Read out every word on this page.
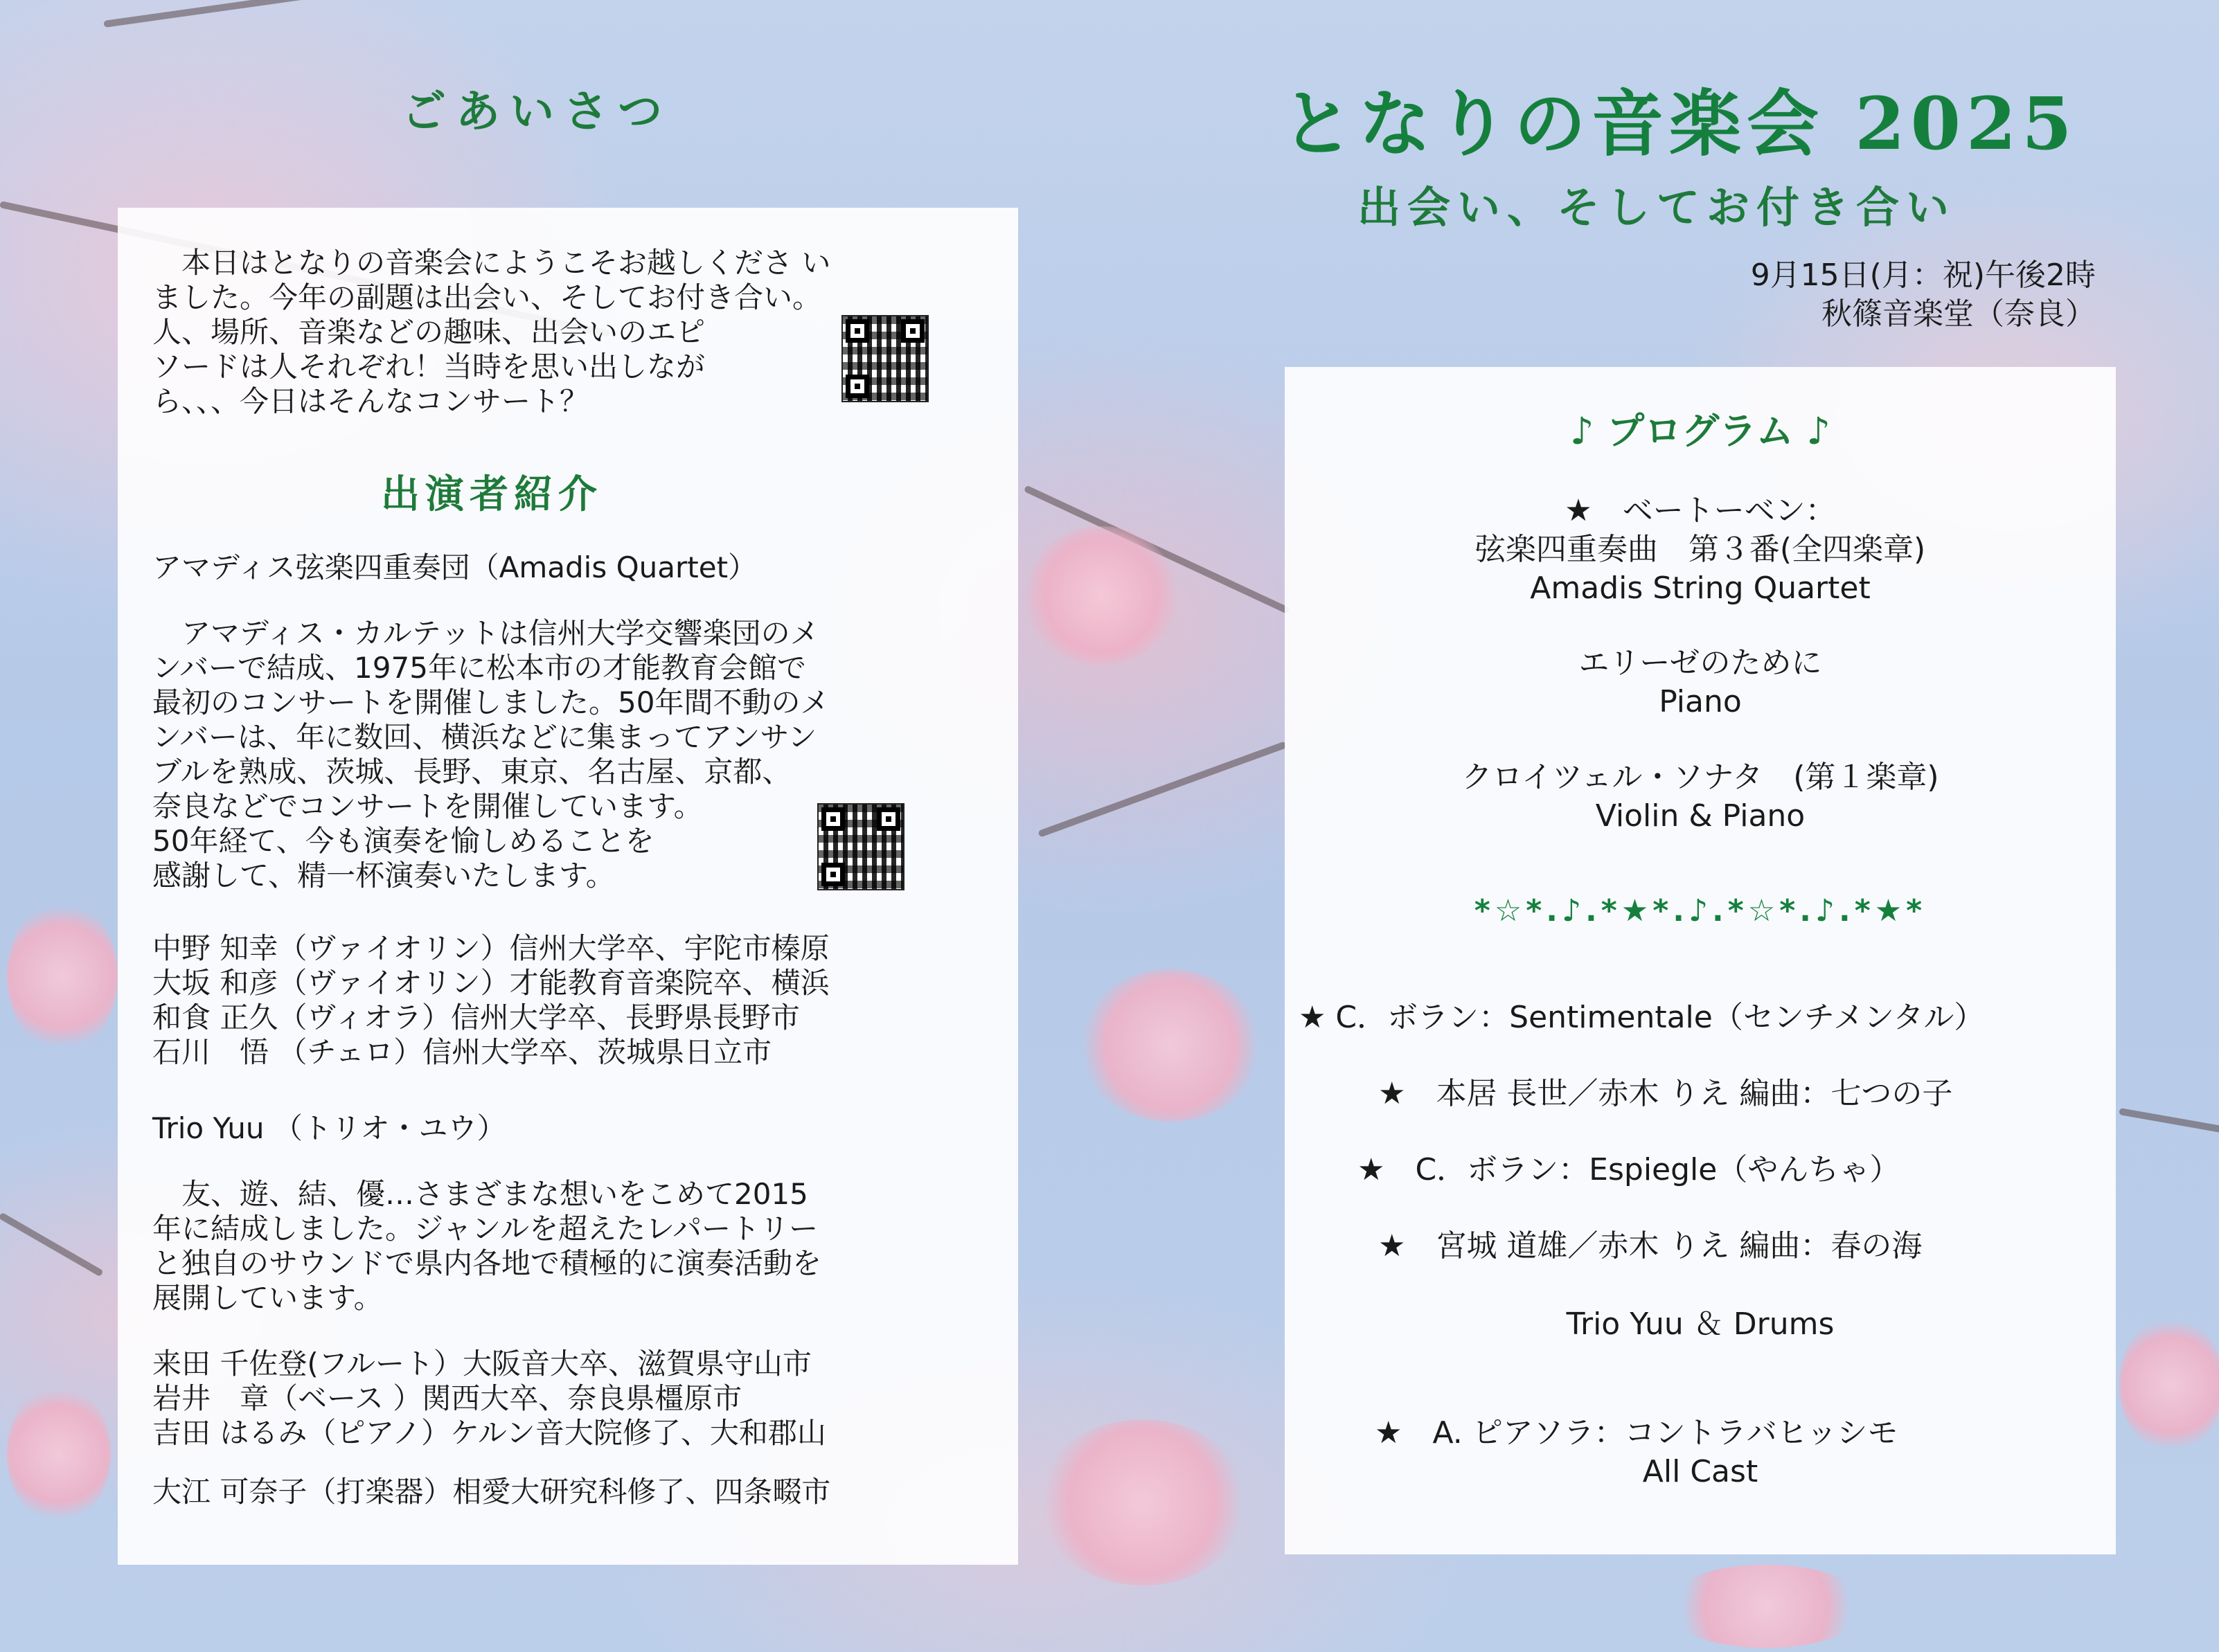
ごあいさつ	となりの音楽会 2025
出会い、そしてお付き合い
9月15日(月：祝)午後2時
秋篠音楽堂（奈良）
　本日はとなりの音楽会にようこそお越しくださ い
ました。今年の副題は出会い、そしてお付き合い。
人、場所、音楽などの趣味、出会いのエピ
ソードは人それぞれ！当時を思い出しなが
ら、、、今日はそんなコンサート？
出演者紹介
アマディス弦楽四重奏団（Amadis Quartet）
　アマディス・カルテットは信州大学交響楽団のメ
ンバーで結成、1975年に松本市の才能教育会館で
最初のコンサートを開催しました。50年間不動のメ
ンバーは、年に数回、横浜などに集まってアンサン
ブルを熟成、茨城、長野、東京、名古屋、京都、
奈良などでコンサートを開催しています。
50年経て、今も演奏を愉しめることを
感謝して、精一杯演奏いたします。
中野 知幸（ヴァイオリン）信州大学卒、宇陀市榛原
大坂 和彦（ヴァイオリン）才能教育音楽院卒、横浜
和食 正久（ヴィオラ）信州大学卒、長野県長野市
石川　悟 （チェロ）信州大学卒、茨城県日立市
Trio Yuu （トリオ・ユウ）
　友、遊、結、優…さまざまな想いをこめて2015
年に結成しました。ジャンルを超えたレパートリー
と独自のサウンドで県内各地で積極的に演奏活動を
展開しています。
来田 千佐登(フルート）大阪音大卒、滋賀県守山市
岩井　章（ベース ）関西大卒、奈良県橿原市
吉田 はるみ（ピアノ）ケルン音大院修了、大和郡山
大江 可奈子（打楽器）相愛大研究科修了、四条畷市
♪ プログラム ♪
★　ベートーベン：
弦楽四重奏曲　第３番(全四楽章)
Amadis String Quartet
エリーゼのために
Piano
クロイツェル・ソナタ　(第１楽章)
Violin & Piano
*☆*.♪.*★*.♪.*☆*.♪.*★*
★ C．ボラン：Sentimentale（センチメンタル）
★　本居 長世／赤木 りえ 編曲：七つの子
★　C．ボラン：Espiegle（やんちゃ）
★　宮城 道雄／赤木 りえ 編曲：春の海
Trio Yuu ＆ Drums
★　A. ピアソラ：コントラバヒッシモ
All Cast
